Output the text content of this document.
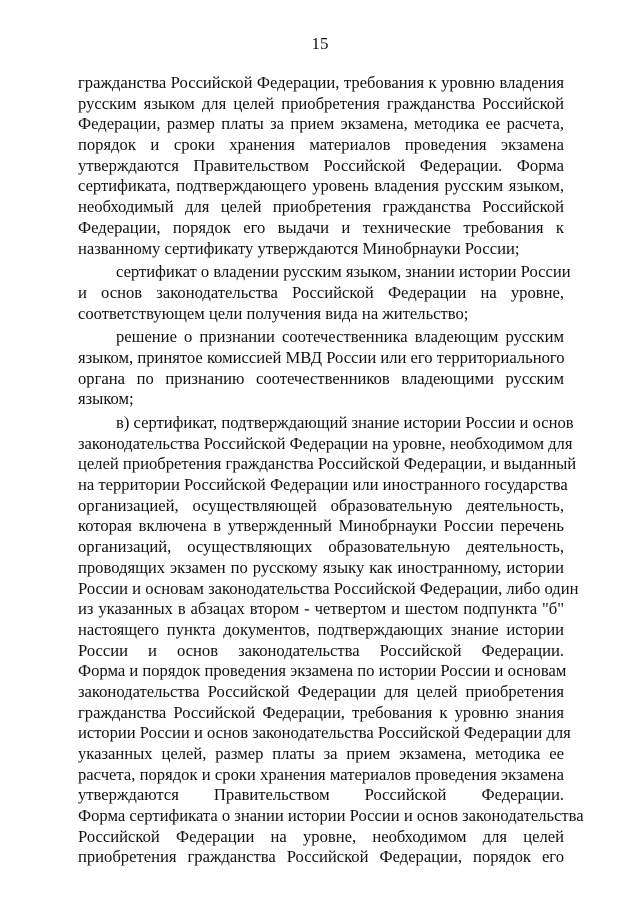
15
гражданства Российской Федерации, требования к уровню владения
русским языком для целей приобретения гражданства Российской
Федерации, размер платы за прием экзамена, методика ее расчета,
порядок и сроки хранения материалов проведения экзамена
утверждаются Правительством Российской Федерации. Форма
сертификата, подтверждающего уровень владения русским языком,
необходимый для целей приобретения гражданства Российской
Федерации, порядок его выдачи и технические требования к
названному сертификату утверждаются Минобрнауки России;
сертификат о владении русским языком, знании истории России
и основ законодательства Российской Федерации на уровне,
соответствующем цели получения вида на жительство;
решение о признании соотечественника владеющим русским
языком, принятое комиссией МВД России или его территориального
органа по признанию соотечественников владеющими русским
языком;
в) сертификат, подтверждающий знание истории России и основ
законодательства Российской Федерации на уровне, необходимом для
целей приобретения гражданства Российской Федерации, и выданный
на территории Российской Федерации или иностранного государства
организацией, осуществляющей образовательную деятельность,
которая включена в утвержденный Минобрнауки России перечень
организаций, осуществляющих образовательную деятельность,
проводящих экзамен по русскому языку как иностранному, истории
России и основам законодательства Российской Федерации, либо один
из указанных в абзацах втором - четвертом и шестом подпункта "б"
настоящего пункта документов, подтверждающих знание истории
России и основ законодательства Российской Федерации.
Форма и порядок проведения экзамена по истории России и основам
законодательства Российской Федерации для целей приобретения
гражданства Российской Федерации, требования к уровню знания
истории России и основ законодательства Российской Федерации для
указанных целей, размер платы за прием экзамена, методика ее
расчета, порядок и сроки хранения материалов проведения экзамена
утверждаются Правительством Российской Федерации.
Форма сертификата о знании истории России и основ законодательства
Российской Федерации на уровне, необходимом для целей
приобретения гражданства Российской Федерации, порядок его
